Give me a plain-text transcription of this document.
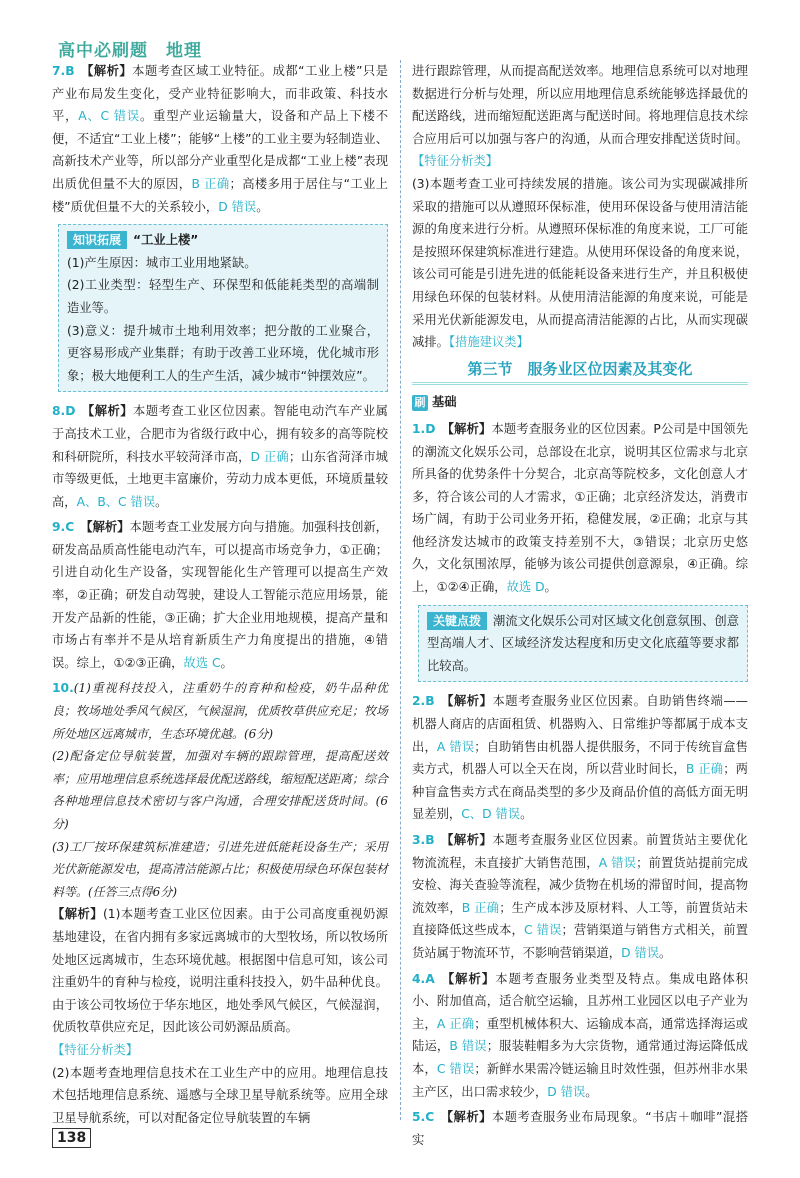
高中必刷题　地理
7.B 【解析】本题考查区域工业特征。成都“工业上楼”只是产业布局发生变化，受产业特征影响大，而非政策、科技水平，A、C 错误。重型产业运输量大，设备和产品上下楼不便，不适宜“工业上楼”；能够“上楼”的工业主要为轻制造业、高新技术产业等，所以部分产业重型化是成都“工业上楼”表现出质优但量不大的原因，B 正确；高楼多用于居住与“工业上楼”质优但量不大的关系较小，D 错误。
知识拓展 “工业上楼”
(1)产生原因：城市工业用地紧缺。
(2)工业类型：轻型生产、环保型和低能耗类型的高端制造业等。
(3)意义：提升城市土地利用效率；把分散的工业聚合，更容易形成产业集群；有助于改善工业环境，优化城市形象；极大地便利工人的生产生活，减少城市“钟摆效应”。
8.D 【解析】本题考查工业区位因素。智能电动汽车产业属于高技术工业，合肥市为省级行政中心，拥有较多的高等院校和科研院所，科技水平较菏泽市高，D 正确；山东省菏泽市城市等级更低，土地更丰富廉价，劳动力成本更低，环境质量较高，A、B、C 错误。
9.C 【解析】本题考查工业发展方向与措施。加强科技创新，研发高品质高性能电动汽车，可以提高市场竞争力，①正确；引进自动化生产设备，实现智能化生产管理可以提高生产效率，②正确；研发自动驾驶，建设人工智能示范应用场景，能开发产品新的性能，③正确；扩大企业用地规模，提高产量和市场占有率并不是从培育新质生产力角度提出的措施，④错误。综上，①②③正确，故选 C。
10.(1)重视科技投入，注重奶牛的育种和检疫，奶牛品种优良；牧场地处季风气候区，气候湿润，优质牧草供应充足；牧场所处地区远离城市，生态环境优越。(6分)
(2)配备定位导航装置，加强对车辆的跟踪管理，提高配送效率；应用地理信息系统选择最优配送路线，缩短配送距离；综合各种地理信息技术密切与客户沟通，合理安排配送货时间。(6分)
(3)工厂按环保建筑标准建造；引进先进低能耗设备生产；采用光伏新能源发电，提高清洁能源占比；积极使用绿色环保包装材料等。(任答三点得6分)
【解析】(1)本题考查工业区位因素。由于公司高度重视奶源基地建设，在省内拥有多家远离城市的大型牧场，所以牧场所处地区远离城市，生态环境优越。根据图中信息可知，该公司注重奶牛的育种与检疫，说明注重科技投入，奶牛品种优良。由于该公司牧场位于华东地区，地处季风气候区，气候湿润，优质牧草供应充足，因此该公司奶源品质高。
【特征分析类】
(2)本题考查地理信息技术在工业生产中的应用。地理信息技术包括地理信息系统、遥感与全球卫星导航系统等。应用全球卫星导航系统，可以对配备定位导航装置的车辆
进行跟踪管理，从而提高配送效率。地理信息系统可以对地理数据进行分析与处理，所以应用地理信息系统能够选择最优的配送路线，进而缩短配送距离与配送时间。将地理信息技术综合应用后可以加强与客户的沟通，从而合理安排配送货时间。【特征分析类】
(3)本题考查工业可持续发展的措施。该公司为实现碳减排所采取的措施可以从遵照环保标准，使用环保设备与使用清洁能源的角度来进行分析。从遵照环保标准的角度来说，工厂可能是按照环保建筑标准进行建造。从使用环保设备的角度来说，该公司可能是引进先进的低能耗设备来进行生产，并且积极使用绿色环保的包装材料。从使用清洁能源的角度来说，可能是采用光伏新能源发电，从而提高清洁能源的占比，从而实现碳减排。【措施建议类】
第三节　服务业区位因素及其变化
刷 基础
1.D 【解析】本题考查服务业的区位因素。P公司是中国领先的潮流文化娱乐公司，总部设在北京，说明其区位需求与北京所具备的优势条件十分契合，北京高等院校多，文化创意人才多，符合该公司的人才需求，①正确；北京经济发达，消费市场广阔，有助于公司业务开拓，稳健发展，②正确；北京与其他经济发达城市的政策支持差别不大，③错误；北京历史悠久，文化氛围浓厚，能够为该公司提供创意源泉，④正确。综上，①②④正确，故选 D。
关键点拨 潮流文化娱乐公司对区域文化创意氛围、创意型高端人才、区域经济发达程度和历史文化底蕴等要求都比较高。
2.B 【解析】本题考查服务业区位因素。自助销售终端——机器人商店的店面租赁、机器购入、日常维护等都属于成本支出，A 错误；自助销售由机器人提供服务，不同于传统盲盒售卖方式，机器人可以全天在岗，所以营业时间长，B 正确；两种盲盒售卖方式在商品类型的多少及商品价值的高低方面无明显差别，C、D 错误。
3.B 【解析】本题考查服务业区位因素。前置货站主要优化物流流程，未直接扩大销售范围，A 错误；前置货站提前完成安检、海关查验等流程，减少货物在机场的滞留时间，提高物流效率，B 正确；生产成本涉及原材料、人工等，前置货站未直接降低这些成本，C 错误；营销渠道与销售方式相关，前置货站属于物流环节，不影响营销渠道，D 错误。
4.A 【解析】本题考查服务业类型及特点。集成电路体积小、附加值高，适合航空运输，且苏州工业园区以电子产业为主，A 正确；重型机械体积大、运输成本高，通常选择海运或陆运，B 错误；服装鞋帽多为大宗货物，通常通过海运降低成本，C 错误；新鲜水果需冷链运输且时效性强，但苏州非水果主产区，出口需求较少，D 错误。
5.C 【解析】本题考查服务业布局现象。“书店＋咖啡”混搭实
138
